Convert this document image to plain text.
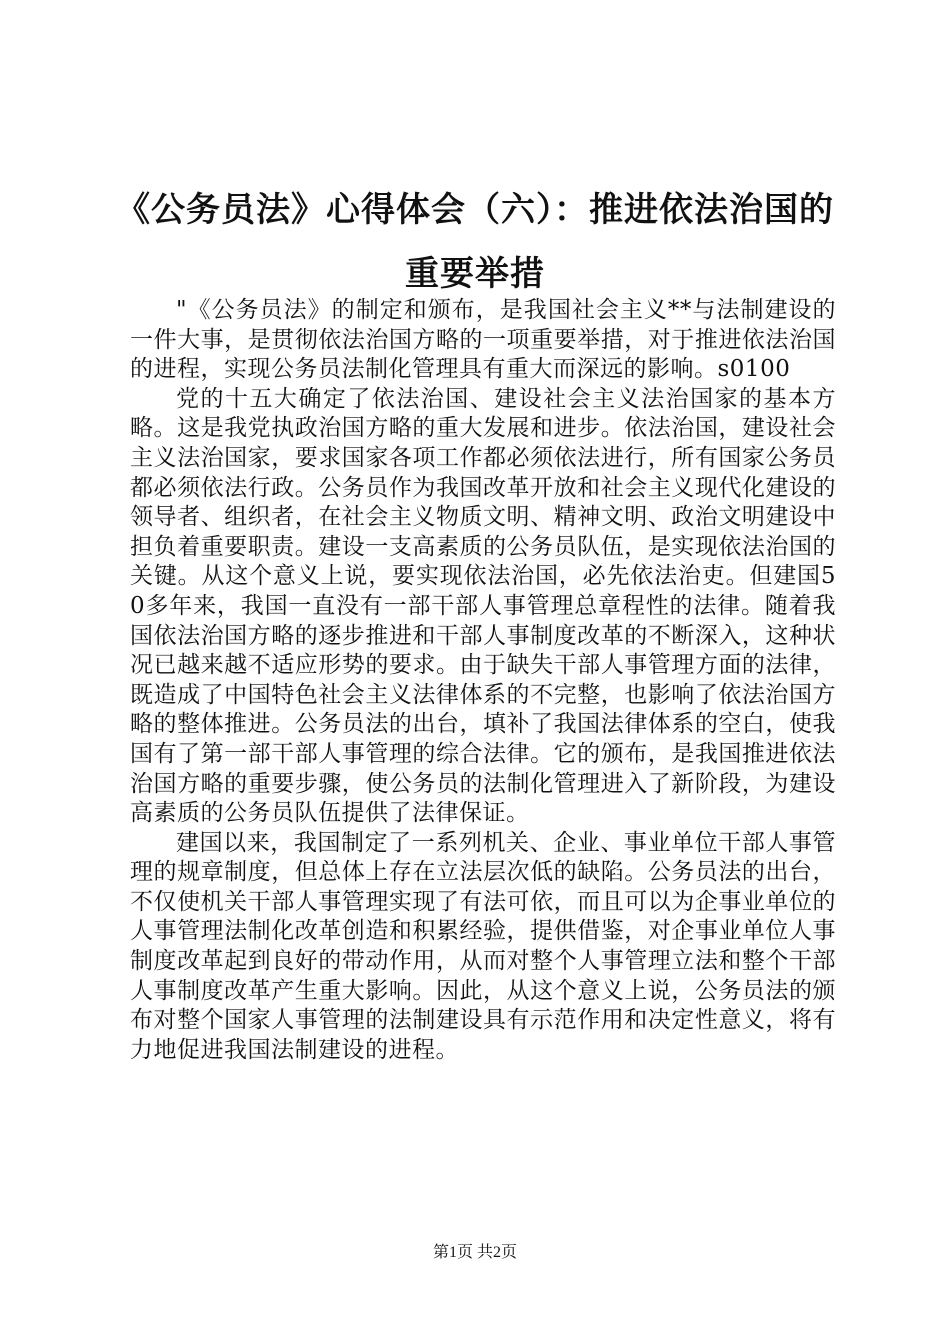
《公务员法》心得体会（六）：推进依法治国的重要举措

"《公务员法》的制定和颁布，是我国社会主义**与法制建设的一件大事，是贯彻依法治国方略的一项重要举措，对于推进依法治国的进程，实现公务员法制化管理具有重大而深远的影响。s0100

党的十五大确定了依法治国、建设社会主义法治国家的基本方略。这是我党执政治国方略的重大发展和进步。依法治国，建设社会主义法治国家，要求国家各项工作都必须依法进行，所有国家公务员都必须依法行政。公务员作为我国改革开放和社会主义现代化建设的领导者、组织者，在社会主义物质文明、精神文明、政治文明建设中担负着重要职责。建设一支高素质的公务员队伍，是实现依法治国的关键。从这个意义上说，要实现依法治国，必先依法治吏。但建国50多年来，我国一直没有一部干部人事管理总章程性的法律。随着我国依法治国方略的逐步推进和干部人事制度改革的不断深入，这种状况已越来越不适应形势的要求。由于缺失干部人事管理方面的法律，既造成了中国特色社会主义法律体系的不完整，也影响了依法治国方略的整体推进。公务员法的出台，填补了我国法律体系的空白，使我国有了第一部干部人事管理的综合法律。它的颁布，是我国推进依法治国方略的重要步骤，使公务员的法制化管理进入了新阶段，为建设高素质的公务员队伍提供了法律保证。

建国以来，我国制定了一系列机关、企业、事业单位干部人事管理的规章制度，但总体上存在立法层次低的缺陷。公务员法的出台，不仅使机关干部人事管理实现了有法可依，而且可以为企事业单位的人事管理法制化改革创造和积累经验，提供借鉴，对企事业单位人事制度改革起到良好的带动作用，从而对整个人事管理立法和整个干部人事制度改革产生重大影响。因此，从这个意义上说，公务员法的颁布对整个国家人事管理的法制建设具有示范作用和决定性意义，将有力地促进我国法制建设的进程。

第1页 共2页
